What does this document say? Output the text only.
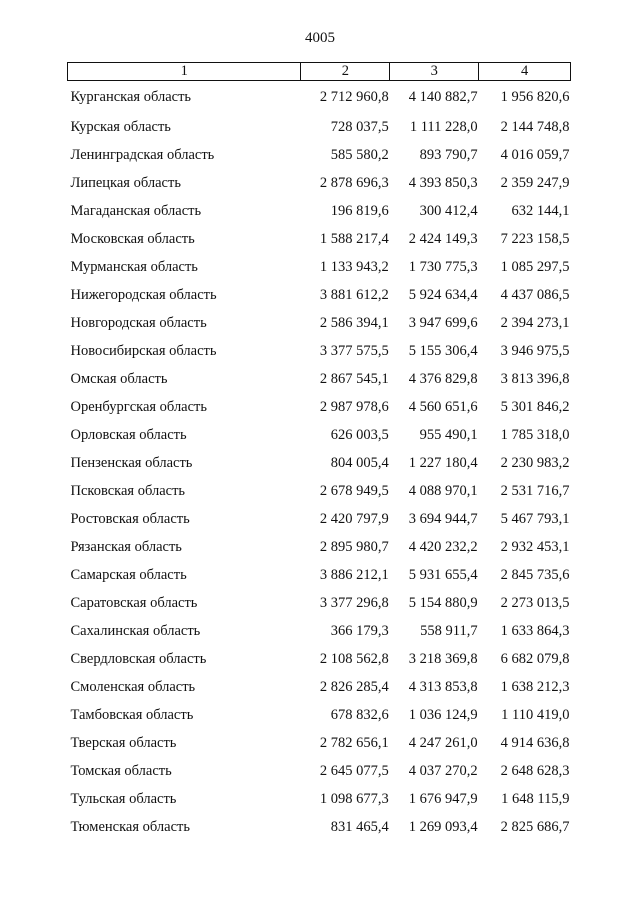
4005
1	2	3	4
Курганская область	2 712 960,8	4 140 882,7	1 956 820,6
Курская область	728 037,5	1 111 228,0	2 144 748,8
Ленинградская область	585 580,2	893 790,7	4 016 059,7
Липецкая область	2 878 696,3	4 393 850,3	2 359 247,9
Магаданская область	196 819,6	300 412,4	632 144,1
Московская область	1 588 217,4	2 424 149,3	7 223 158,5
Мурманская область	1 133 943,2	1 730 775,3	1 085 297,5
Нижегородская область	3 881 612,2	5 924 634,4	4 437 086,5
Новгородская область	2 586 394,1	3 947 699,6	2 394 273,1
Новосибирская область	3 377 575,5	5 155 306,4	3 946 975,5
Омская область	2 867 545,1	4 376 829,8	3 813 396,8
Оренбургская область	2 987 978,6	4 560 651,6	5 301 846,2
Орловская область	626 003,5	955 490,1	1 785 318,0
Пензенская область	804 005,4	1 227 180,4	2 230 983,2
Псковская область	2 678 949,5	4 088 970,1	2 531 716,7
Ростовская область	2 420 797,9	3 694 944,7	5 467 793,1
Рязанская область	2 895 980,7	4 420 232,2	2 932 453,1
Самарская область	3 886 212,1	5 931 655,4	2 845 735,6
Саратовская область	3 377 296,8	5 154 880,9	2 273 013,5
Сахалинская область	366 179,3	558 911,7	1 633 864,3
Свердловская область	2 108 562,8	3 218 369,8	6 682 079,8
Смоленская область	2 826 285,4	4 313 853,8	1 638 212,3
Тамбовская область	678 832,6	1 036 124,9	1 110 419,0
Тверская область	2 782 656,1	4 247 261,0	4 914 636,8
Томская область	2 645 077,5	4 037 270,2	2 648 628,3
Тульская область	1 098 677,3	1 676 947,9	1 648 115,9
Тюменская область	831 465,4	1 269 093,4	2 825 686,7
